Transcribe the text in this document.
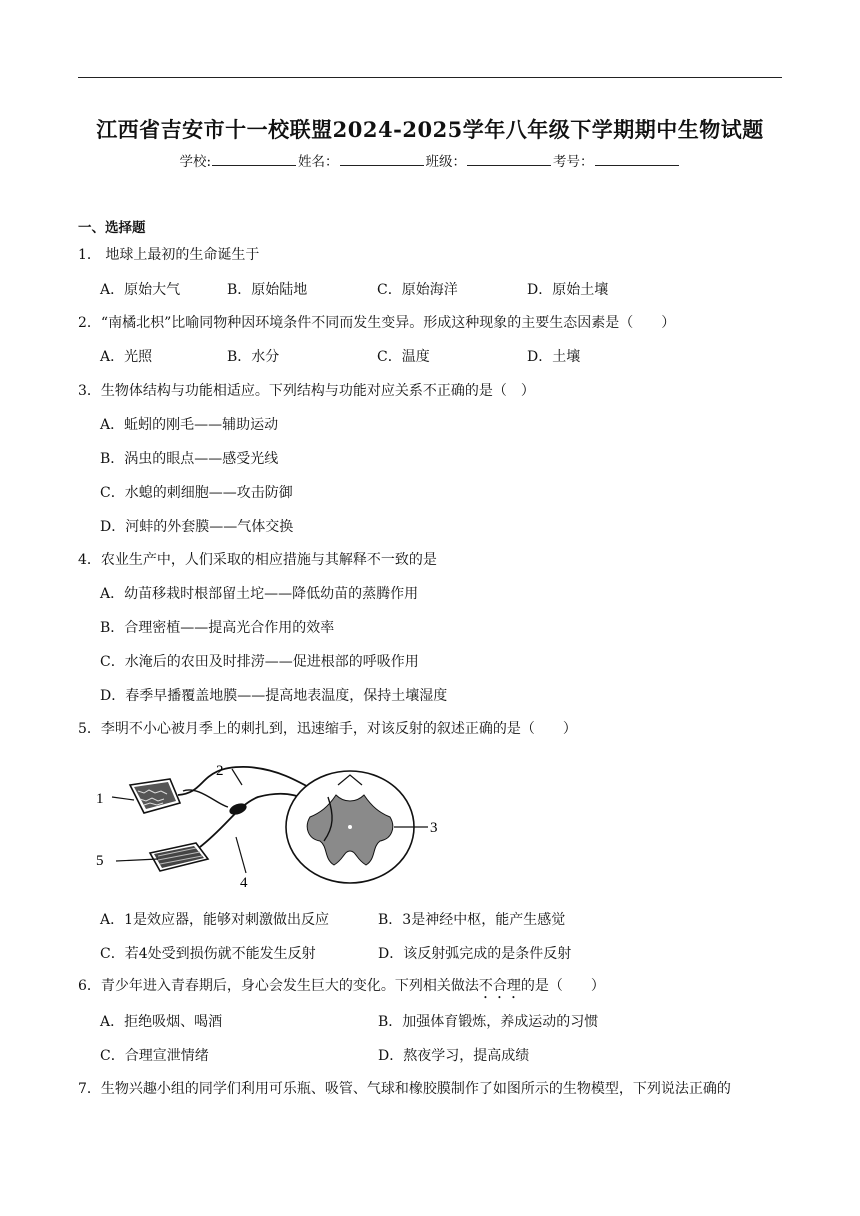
江西省吉安市十一校联盟2024-2025学年八年级下学期期中生物试题
学校:	姓名：	班级：	考号：
一、选择题
1． 地球上最初的生命诞生于
A．原始大气	B．原始陆地	C．原始海洋	D．原始土壤
2．“南橘北枳”比喻同物种因环境条件不同而发生变异。形成这种现象的主要生态因素是（　　）
A．光照	B．水分	C．温度	D．土壤
3．生物体结构与功能相适应。下列结构与功能对应关系不正确的是（　）
A．蚯蚓的刚毛——辅助运动
B．涡虫的眼点——感受光线
C．水螅的刺细胞——攻击防御
D．河蚌的外套膜——气体交换
4．农业生产中，人们采取的相应措施与其解释不一致的是
A．幼苗移栽时根部留土坨——降低幼苗的蒸腾作用
B．合理密植——提高光合作用的效率
C．水淹后的农田及时排涝——促进根部的呼吸作用
D．春季早播覆盖地膜——提高地表温度，保持土壤湿度
5．李明不小心被月季上的刺扎到，迅速缩手，对该反射的叙述正确的是（　　）
1
2
3
4
5
A．1是效应器，能够对刺激做出反应	B．3是神经中枢，能产生感觉
C．若4处受到损伤就不能发生反射	D．该反射弧完成的是条件反射
6．青少年进入青春期后，身心会发生巨大的变化。下列相关做法不合理的是（　　）
A．拒绝吸烟、喝酒	B．加强体育锻炼，养成运动的习惯
C．合理宣泄情绪	D．熬夜学习，提高成绩
7．生物兴趣小组的同学们利用可乐瓶、吸管、气球和橡胶膜制作了如图所示的生物模型，下列说法正确的
